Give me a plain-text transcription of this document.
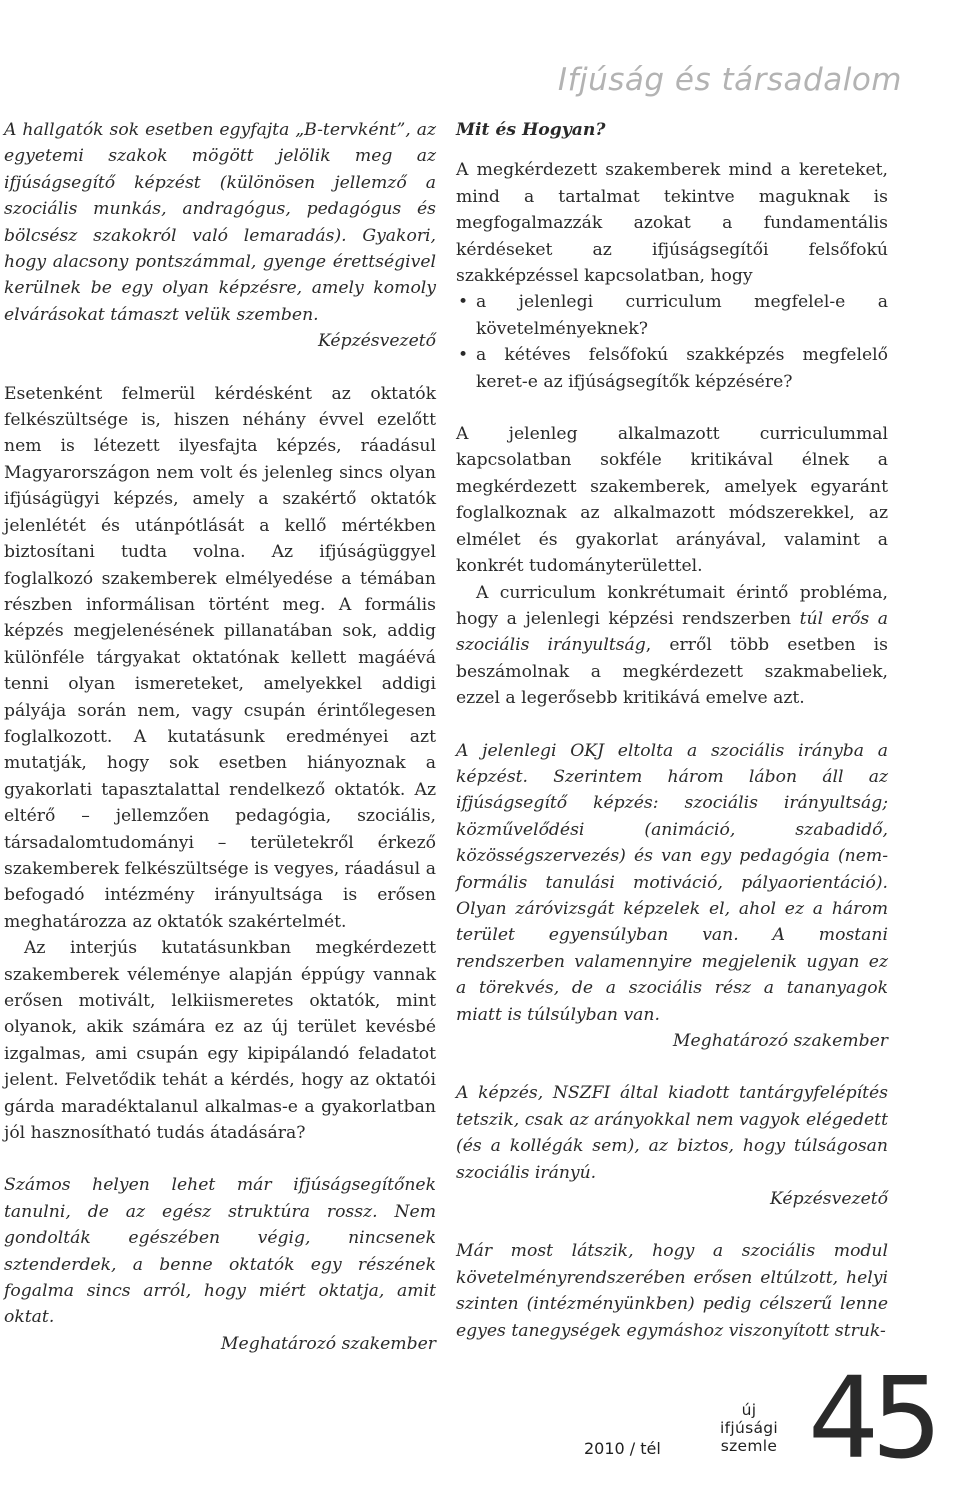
Ifjúság és társadalom

A hallgatók sok esetben egyfajta „B-tervként”, az egyetemi szakok mögött jelölik meg az ifjúságsegítő képzést (különösen jellemző a szociális munkás, andragógus, pedagógus és bölcsész szakokról való lemaradás). Gyakori, hogy alacsony pontszámmal, gyenge érettségivel kerülnek be egy olyan képzésre, amely komoly elvárásokat támaszt velük szemben.

Képzésvezető

Esetenként felmerül kérdésként az oktatók felkészültsége is, hiszen néhány évvel ezelőtt nem is létezett ilyesfajta képzés, ráadásul Magyarországon nem volt és jelenleg sincs olyan ifjúságügyi képzés, amely a szakértő oktatók jelenlétét és utánpótlását a kellő mértékben biztosítani tudta volna. Az ifjúságüggyel foglalkozó szakemberek elmélyedése a témában részben informálisan történt meg. A formális képzés megjelenésének pillanatában sok, addig különféle tárgyakat oktatónak kellett magáévá tenni olyan ismereteket, amelyekkel addigi pályája során nem, vagy csupán érintőlegesen foglalkozott. A kutatásunk eredményei azt mutatják, hogy sok esetben hiányoznak a gyakorlati tapasztalattal rendelkező oktatók. Az eltérő – jellemzően pedagógia, szociális, társadalomtudományi – területekről érkező szakemberek felkészültsége is vegyes, ráadásul a befogadó intézmény irányultsága is erősen meghatározza az oktatók szakértelmét.

Az interjús kutatásunkban megkérdezett szakemberek véleménye alapján éppúgy vannak erősen motivált, lelkiismeretes oktatók, mint olyanok, akik számára ez az új terület kevésbé izgalmas, ami csupán egy kipipálandó feladatot jelent. Felvetődik tehát a kérdés, hogy az oktatói gárda maradéktalanul alkalmas-e a gyakorlatban jól hasznosítható tudás átadására?

Számos helyen lehet már ifjúságsegítőnek tanulni, de az egész struktúra rossz. Nem gondolták egészében végig, nincsenek sztenderdek, a benne oktatók egy részének fogalma sincs arról, hogy miért oktatja, amit oktat.

Meghatározó szakember
Mit és Hogyan?

A megkérdezett szakemberek mind a kereteket, mind a tartalmat tekintve maguknak is megfogalmazzák azokat a fundamentális kérdéseket az ifjúságsegítői felsőfokú szakképzéssel kapcsolatban, hogy

• a jelenlegi curriculum megfelel-e a követelményeknek?
• a kétéves felsőfokú szakképzés megfelelő keret-e az ifjúságsegítők képzésére?

A jelenleg alkalmazott curriculummal kapcsolatban sokféle kritikával élnek a megkérdezett szakemberek, amelyek egyaránt foglalkoznak az alkalmazott módszerekkel, az elmélet és gyakorlat arányával, valamint a konkrét tudományterülettel.

A curriculum konkrétumait érintő probléma, hogy a jelenlegi képzési rendszerben túl erős a szociális irányultság, erről több esetben is beszámolnak a megkérdezett szakmabeliek, ezzel a legerősebb kritikává emelve azt.

A jelenlegi OKJ eltolta a szociális irányba a képzést. Szerintem három lábon áll az ifjúságsegítő képzés: szociális irányultság; közművelődési (animáció, szabadidő, közösségszervezés) és van egy pedagógia (nem-formális tanulási motiváció, pályaorientáció). Olyan záróvizsgát képzelek el, ahol ez a három terület egyensúlyban van. A mostani rendszerben valamennyire megjelenik ugyan ez a törekvés, de a szociális rész a tananyagok miatt is túlsúlyban van.

Meghatározó szakember

A képzés, NSZFI által kiadott tantárgyfelépítés tetszik, csak az arányokkal nem vagyok elégedett (és a kollégák sem), az biztos, hogy túlságosan szociális irányú.

Képzésvezető

Már most látszik, hogy a szociális modul követelményrendszerében erősen eltúlzott, helyi szinten (intézményünkben) pedig célszerű lenne egyes tanegységek egymáshoz viszonyított struk-

2010 / tél
új
ifjúsági
szemle 45
